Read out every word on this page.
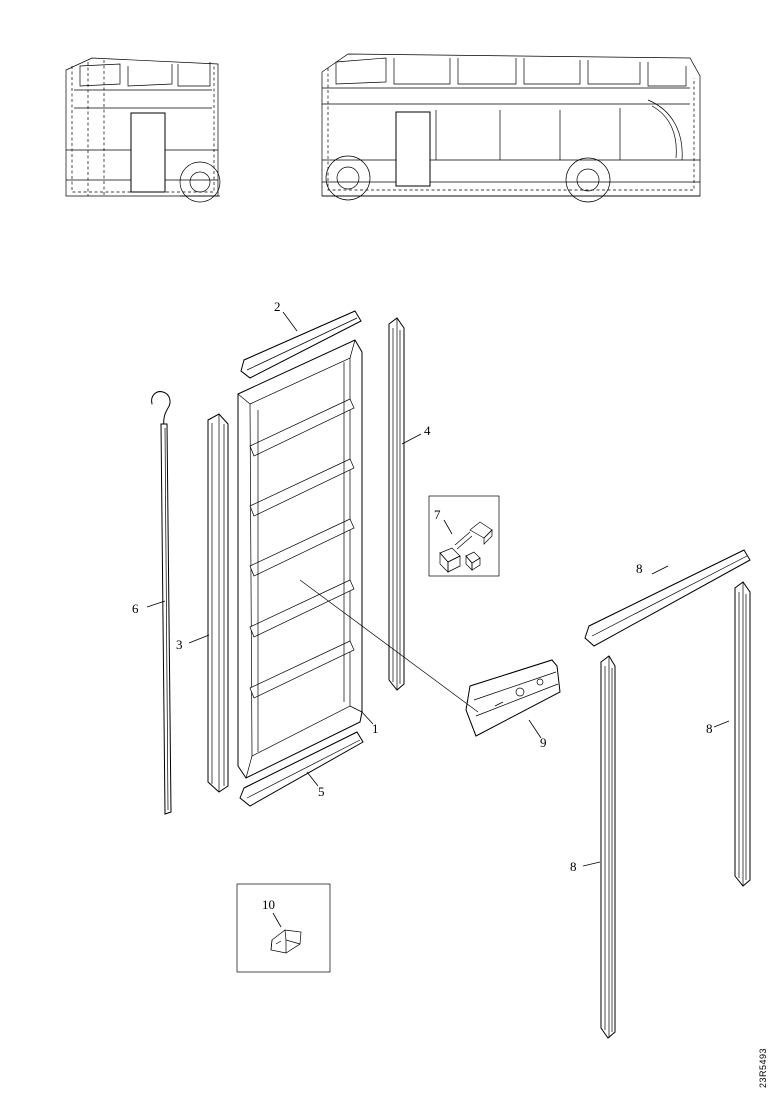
2
4
7
6
3
8
9
1
5
8
8
10
23R5493
